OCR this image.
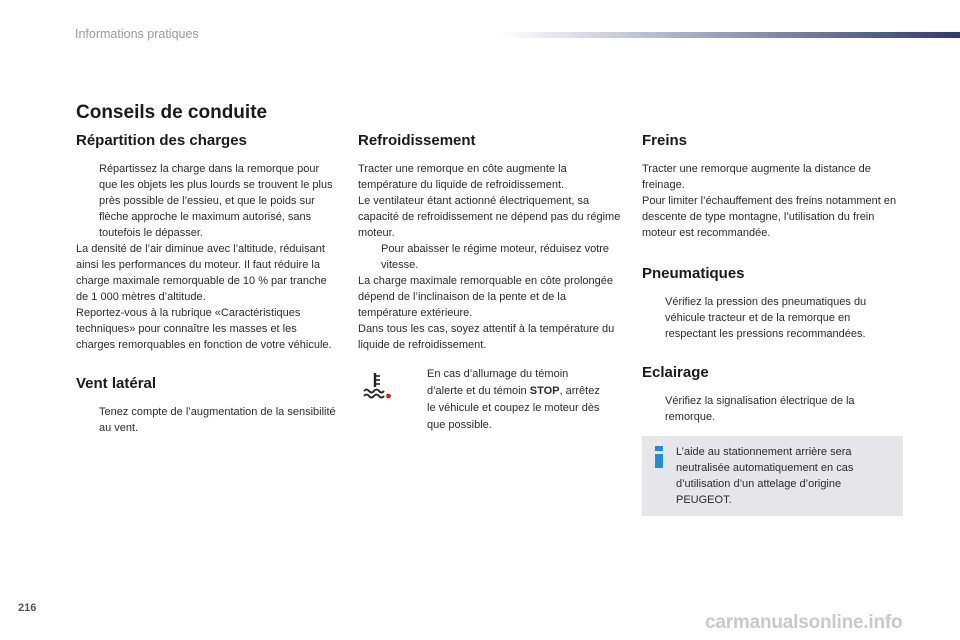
Informations pratiques
Conseils de conduite
Répartition des charges
Répartissez la charge dans la remorque pour que les objets les plus lourds se trouvent le plus près possible de l’essieu, et que le poids sur flèche approche le maximum autorisé, sans toutefois le dépasser.

La densité de l’air diminue avec l’altitude, réduisant ainsi les performances du moteur. Il faut réduire la charge maximale remorquable de 10 % par tranche de 1 000 mètres d’altitude.

Reportez-vous à la rubrique «Caractéristiques techniques» pour connaître les masses et les charges remorquables en fonction de votre véhicule.

Vent latéral
Tenez compte de l’augmentation de la sensibilité au vent.
Refroidissement

Tracter une remorque en côte augmente la température du liquide de refroidissement.

Le ventilateur étant actionné électriquement, sa capacité de refroidissement ne dépend pas du régime moteur.

Pour abaisser le régime moteur, réduisez votre vitesse.

La charge maximale remorquable en côte prolongée dépend de l’inclinaison de la pente et de la température extérieure.

Dans tous les cas, soyez attentif à la température du liquide de refroidissement.

En cas d’allumage du témoin d’alerte et du témoin STOP, arrêtez le véhicule et coupez le moteur dès que possible.
Freins

Tracter une remorque augmente la distance de freinage.

Pour limiter l’échauffement des freins notamment en descente de type montagne, l’utilisation du frein moteur est recommandée.

Pneumatiques
Vérifiez la pression des pneumatiques du véhicule tracteur et de la remorque en respectant les pressions recommandées.
Eclairage
Vérifiez la signalisation électrique de la remorque.
L’aide au stationnement arrière sera neutralisée automatiquement en cas d’utilisation d’un attelage d’origine PEUGEOT.
216
carmanualsonline.info
